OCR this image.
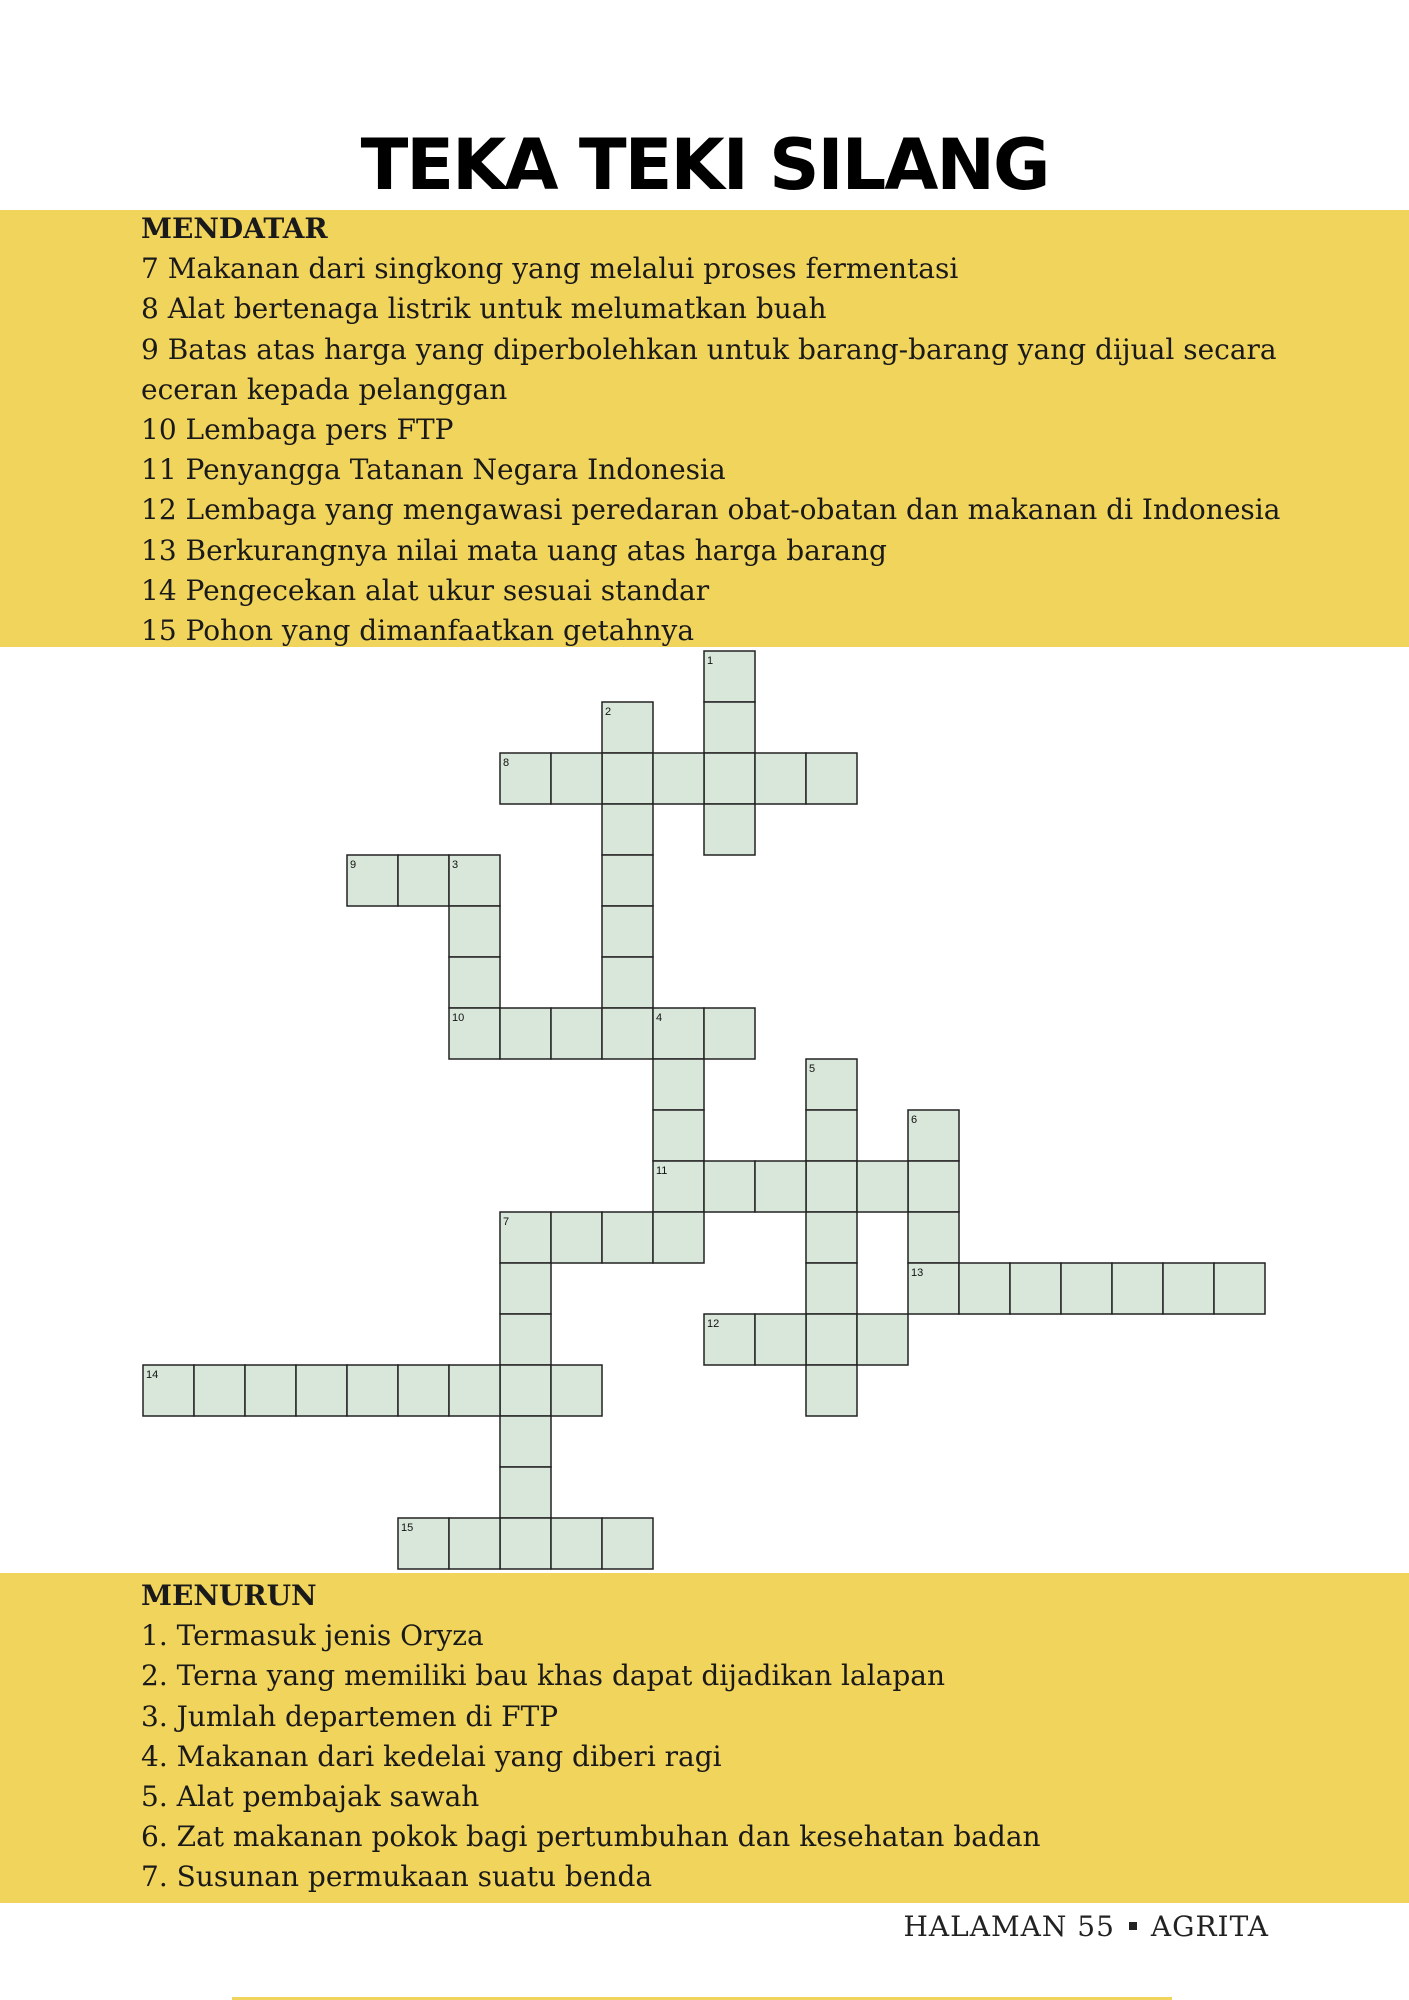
TEKA TEKI SILANG
MENDATAR

7 Makanan dari singkong yang melalui proses fermentasi

8 Alat bertenaga listrik untuk melumatkan buah

9 Batas atas harga yang diperbolehkan untuk barang-barang yang dijual secara

eceran kepada pelanggan

10 Lembaga pers FTP

11 Penyangga Tatanan Negara Indonesia

12 Lembaga yang mengawasi peredaran obat-obatan dan makanan di Indonesia

13 Berkurangnya nilai mata uang atas harga barang

14 Pengecekan alat ukur sesuai standar

15 Pohon yang dimanfaatkan getahnya

1
2
8
9	3
10	4
11
5
6
13
7
12
14
15
MENURUN

1. Termasuk jenis Oryza

2. Terna yang memiliki bau khas dapat dijadikan lalapan

3. Jumlah departemen di FTP

4. Makanan dari kedelai yang diberi ragi

5. Alat pembajak sawah

6. Zat makanan pokok bagi pertumbuhan dan kesehatan badan

7. Susunan permukaan suatu benda

HALAMAN 55 AGRITA
